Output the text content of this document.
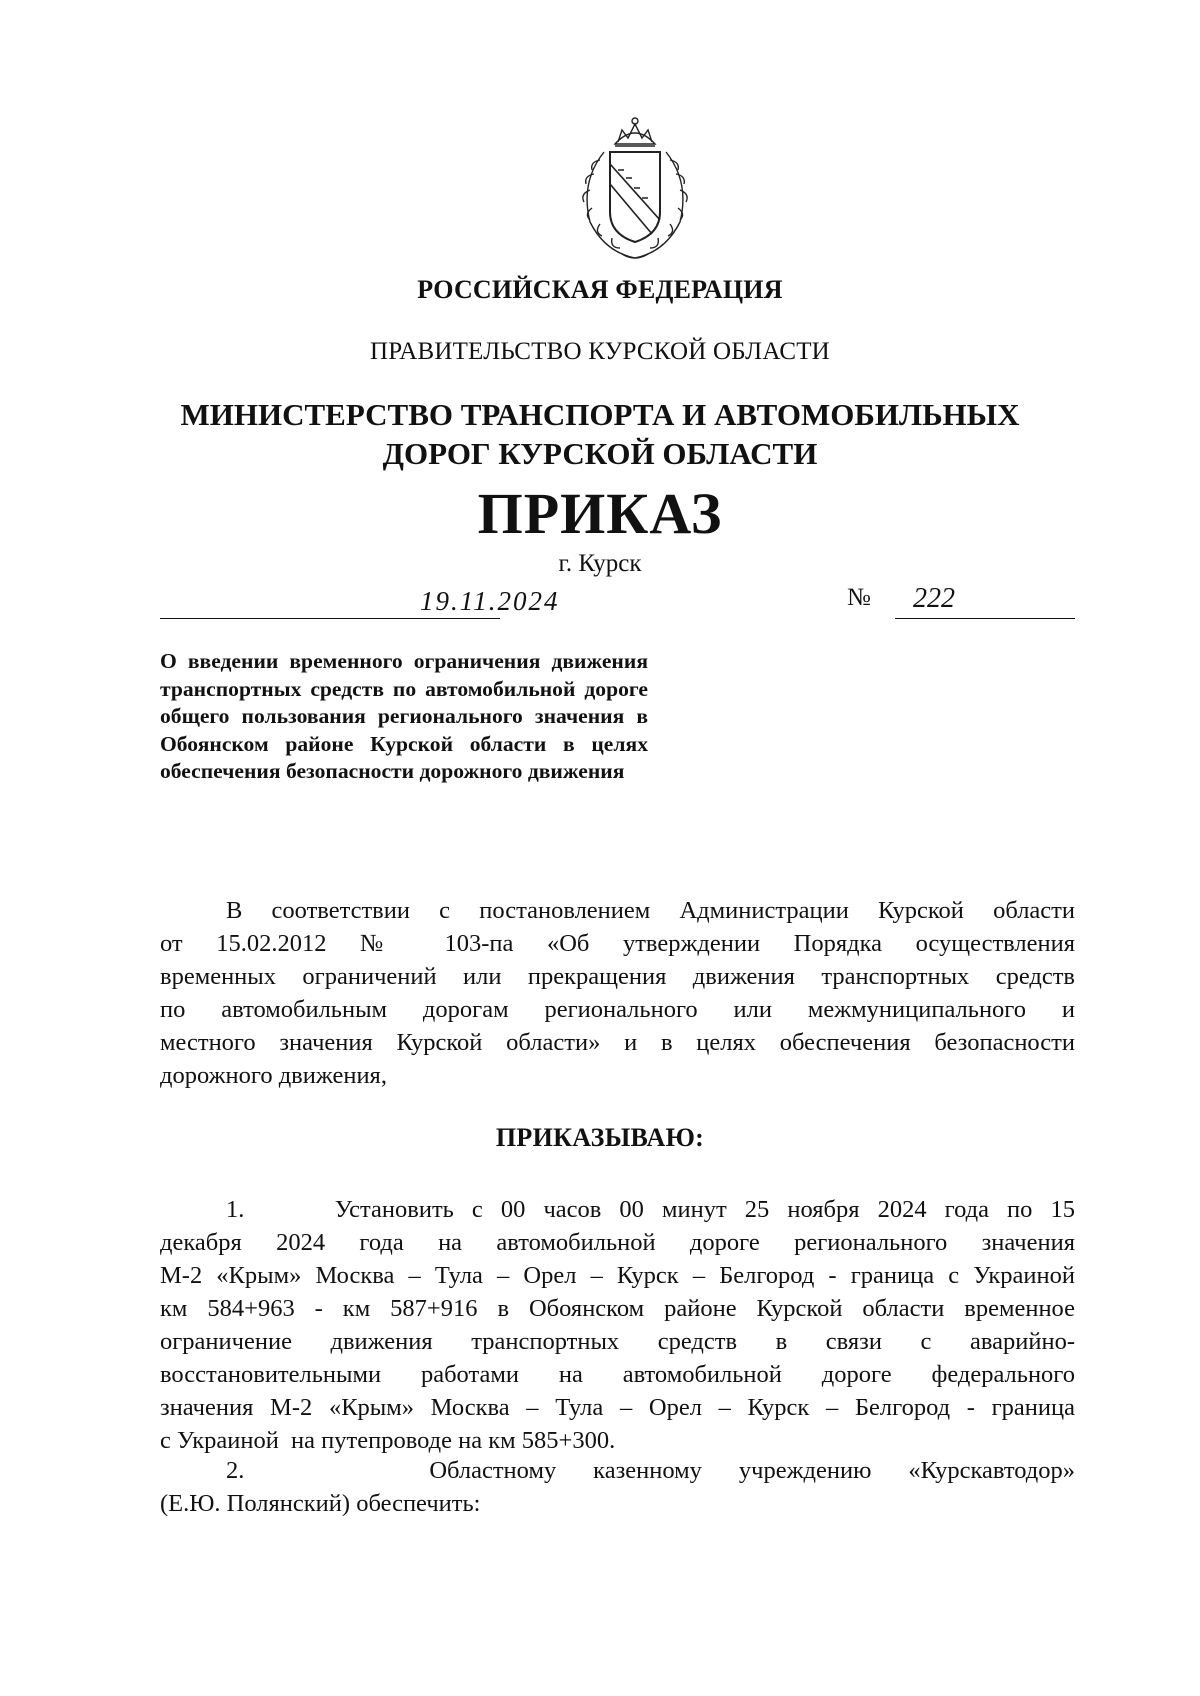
РОССИЙСКАЯ ФЕДЕРАЦИЯ
ПРАВИТЕЛЬСТВО КУРСКОЙ ОБЛАСТИ
МИНИСТЕРСТВО ТРАНСПОРТА И АВТОМОБИЛЬНЫХ
ДОРОГ КУРСКОЙ ОБЛАСТИ
ПРИКАЗ
г. Курск
19.11.2024	№ 222
О введении временного ограничения движения транспортных средств по автомобильной дороге общего пользования регионального значения в Обоянском районе Курской области в целях обеспечения безопасности дорожного движения
В соответствии с постановлением Администрации Курской области
от 15.02.2012 № 103-па «Об утверждении Порядка осуществления
временных ограничений или прекращения движения транспортных средств
по автомобильным дорогам регионального или межмуниципального и
местного значения Курской области» и в целях обеспечения безопасности
дорожного движения,
ПРИКАЗЫВАЮ:
1.     Установить с 00 часов 00 минут 25 ноября 2024 года по 15
декабря 2024 года на автомобильной дороге регионального значения
М-2 «Крым» Москва – Тула – Орел – Курск – Белгород - граница с Украиной
км 584+963 - км 587+916 в Обоянском районе Курской области временное
ограничение движения транспортных средств в связи с аварийно-
восстановительными работами на автомобильной дороге федерального
значения М-2 «Крым» Москва – Тула – Орел – Курск – Белгород - граница
с Украиной  на путепроводе на км 585+300.
2.     Областному казенному учреждению «Курскавтодор»
(Е.Ю. Полянский) обеспечить:
